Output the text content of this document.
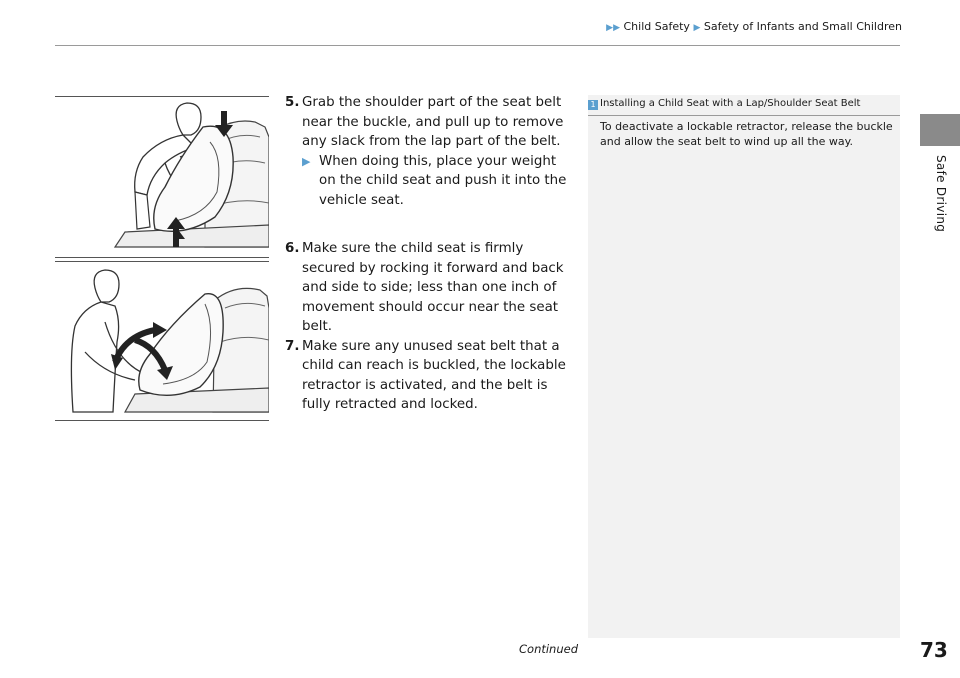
▶▶ Child Safety ▶ Safety of Infants and Small Children
Safe Driving
5. Grab the shoulder part of the seat belt near the buckle, and pull up to remove any slack from the lap part of the belt.
▶ When doing this, place your weight on the child seat and push it into the vehicle seat.
6. Make sure the child seat is firmly secured by rocking it forward and back and side to side; less than one inch of movement should occur near the seat belt.
7. Make sure any unused seat belt that a child can reach is buckled, the lockable retractor is activated, and the belt is fully retracted and locked.
1 Installing a Child Seat with a Lap/Shoulder Seat Belt
To deactivate a lockable retractor, release the buckle and allow the seat belt to wind up all the way.
Continued	73
